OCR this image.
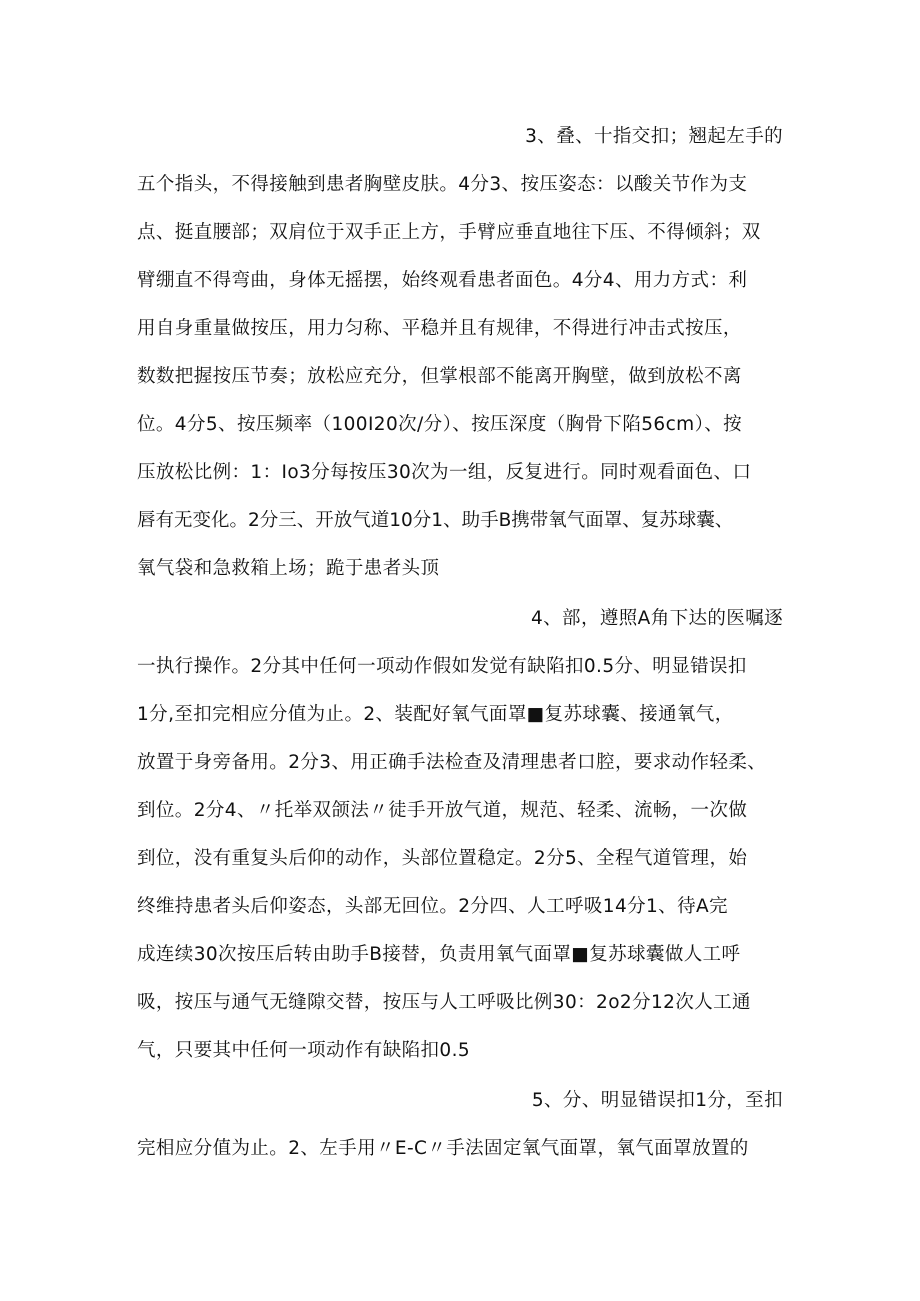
3、叠、十指交扣；翘起左手的
五个指头，不得接触到患者胸壁皮肤。4分3、按压姿态：以酸关节作为支
点、挺直腰部；双肩位于双手正上方，手臂应垂直地往下压、不得倾斜；双
臂绷直不得弯曲，身体无摇摆，始终观看患者面色。4分4、用力方式：利
用自身重量做按压，用力匀称、平稳并且有规律，不得进行冲击式按压，
数数把握按压节奏；放松应充分，但掌根部不能离开胸壁，做到放松不离
位。4分5、按压频率（100I20次/分）、按压深度（胸骨下陷56cm）、按
压放松比例：1：Io3分每按压30次为一组，反复进行。同时观看面色、口
唇有无变化。2分三、开放气道10分1、助手B携带氧气面罩、复苏球囊、
氧气袋和急救箱上场；跪于患者头顶
4、部，遵照A角下达的医嘱逐
一执行操作。2分其中任何一项动作假如发觉有缺陷扣0.5分、明显错误扣
1分,至扣完相应分值为止。2、装配好氧气面罩■复苏球囊、接通氧气，
放置于身旁备用。2分3、用正确手法检查及清理患者口腔，要求动作轻柔、
到位。2分4、〃托举双颌法〃徒手开放气道，规范、轻柔、流畅，一次做
到位，没有重复头后仰的动作，头部位置稳定。2分5、全程气道管理，始
终维持患者头后仰姿态，头部无回位。2分四、人工呼吸14分1、待A完
成连续30次按压后转由助手B接替，负责用氧气面罩■复苏球囊做人工呼
吸，按压与通气无缝隙交替，按压与人工呼吸比例30：2o2分12次人工通
气，只要其中任何一项动作有缺陷扣0.5
5、分、明显错误扣1分，至扣
完相应分值为止。2、左手用〃E-C〃手法固定氧气面罩，氧气面罩放置的
